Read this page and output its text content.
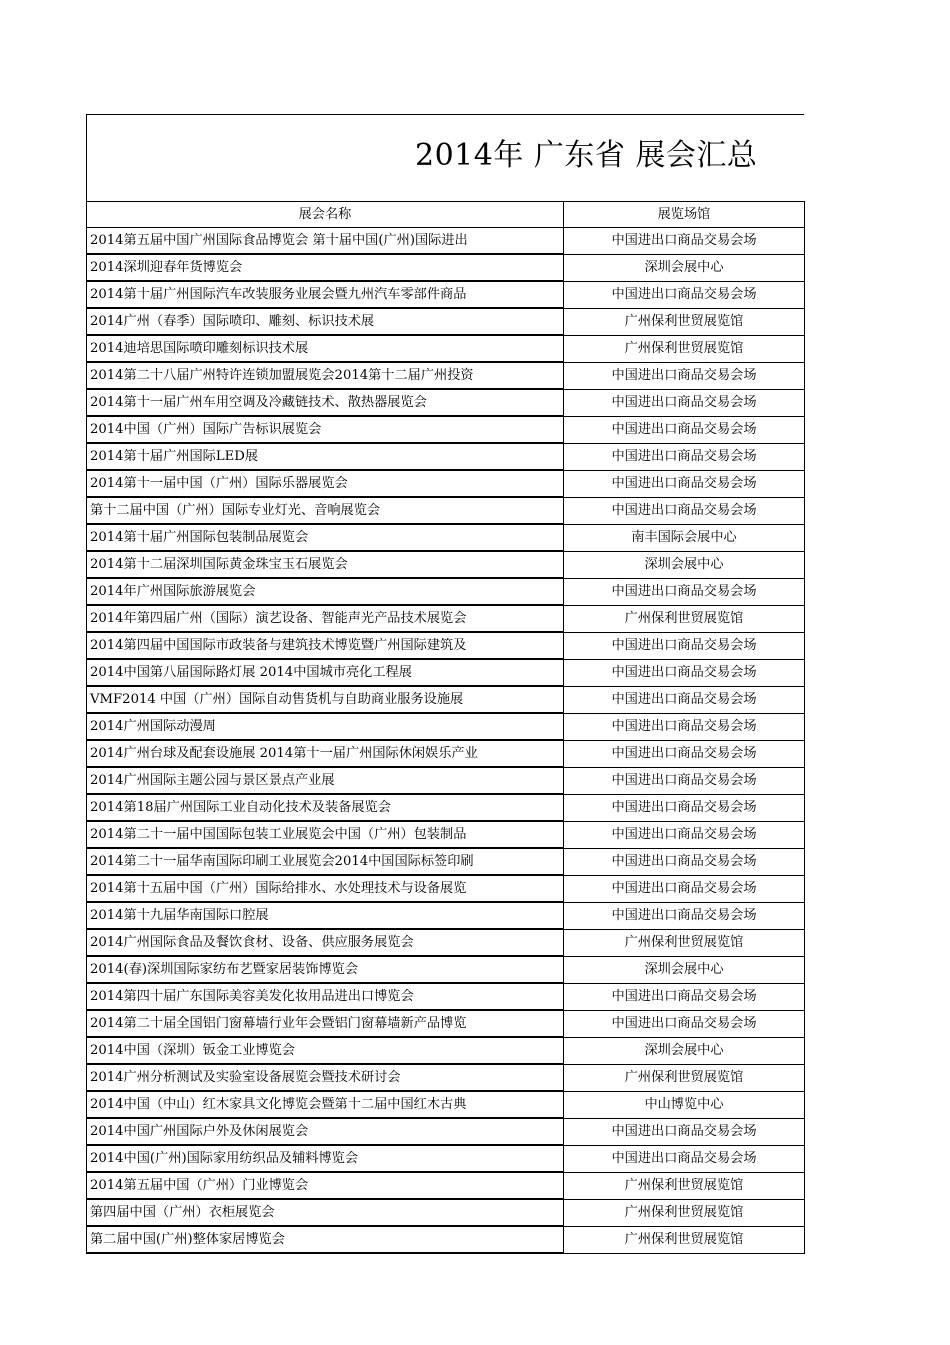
2014年 广东省 展会汇总
展会名称	展览场馆
2014第五届中国广州国际食品博览会 第十届中国(广州)国际进出	中国进出口商品交易会场
2014深圳迎春年货博览会	深圳会展中心
2014第十届广州国际汽车改装服务业展会暨九州汽车零部件商品	中国进出口商品交易会场
2014广州（春季）国际喷印、雕刻、标识技术展	广州保利世贸展览馆
2014迪培思国际喷印雕刻标识技术展	广州保利世贸展览馆
2014第二十八届广州特许连锁加盟展览会2014第十二届广州投资	中国进出口商品交易会场
2014第十一届广州车用空调及冷藏链技术、散热器展览会	中国进出口商品交易会场
2014中国（广州）国际广告标识展览会	中国进出口商品交易会场
2014第十届广州国际LED展	中国进出口商品交易会场
2014第十一届中国（广州）国际乐器展览会	中国进出口商品交易会场
第十二届中国（广州）国际专业灯光、音响展览会	中国进出口商品交易会场
2014第十届广州国际包装制品展览会	南丰国际会展中心
2014第十二届深圳国际黄金珠宝玉石展览会	深圳会展中心
2014年广州国际旅游展览会	中国进出口商品交易会场
2014年第四届广州（国际）演艺设备、智能声光产品技术展览会	广州保利世贸展览馆
2014第四届中国国际市政装备与建筑技术博览暨广州国际建筑及	中国进出口商品交易会场
2014中国第八届国际路灯展 2014中国城市亮化工程展	中国进出口商品交易会场
VMF2014 中国（广州）国际自动售货机与自助商业服务设施展	中国进出口商品交易会场
2014广州国际动漫周	中国进出口商品交易会场
2014广州台球及配套设施展 2014第十一届广州国际休闲娱乐产业	中国进出口商品交易会场
2014广州国际主题公园与景区景点产业展	中国进出口商品交易会场
2014第18届广州国际工业自动化技术及装备展览会	中国进出口商品交易会场
2014第二十一届中国国际包装工业展览会中国（广州）包装制品	中国进出口商品交易会场
2014第二十一届华南国际印刷工业展览会2014中国国际标签印刷	中国进出口商品交易会场
2014第十五届中国（广州）国际给排水、水处理技术与设备展览	中国进出口商品交易会场
2014第十九届华南国际口腔展	中国进出口商品交易会场
2014广州国际食品及餐饮食材、设备、供应服务展览会	广州保利世贸展览馆
2014(春)深圳国际家纺布艺暨家居装饰博览会	深圳会展中心
2014第四十届广东国际美容美发化妆用品进出口博览会	中国进出口商品交易会场
2014第二十届全国铝门窗幕墙行业年会暨铝门窗幕墙新产品博览	中国进出口商品交易会场
2014中国（深圳）钣金工业博览会	深圳会展中心
2014广州分析测试及实验室设备展览会暨技术研讨会	广州保利世贸展览馆
2014中国（中山）红木家具文化博览会暨第十二届中国红木古典	中山博览中心
2014中国广州国际户外及休闲展览会	中国进出口商品交易会场
2014中国(广州)国际家用纺织品及辅料博览会	中国进出口商品交易会场
2014第五届中国（广州）门业博览会	广州保利世贸展览馆
第四届中国（广州）衣柜展览会	广州保利世贸展览馆
第二届中国(广州)整体家居博览会	广州保利世贸展览馆
